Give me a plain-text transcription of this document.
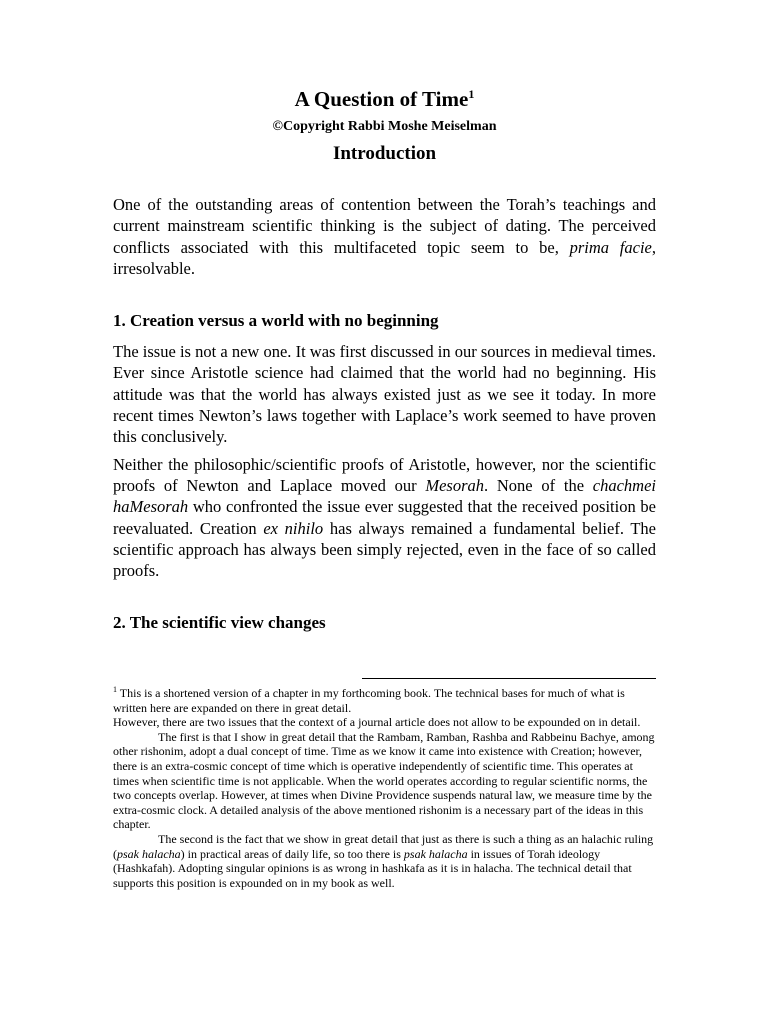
A Question of Time$^1$

©Copyright Rabbi Moshe Meiselman

Introduction

One of the outstanding areas of contention between the Torah’s teachings and current mainstream scientific thinking is the subject of dating. The perceived conflicts associated with this multifaceted topic seem to be, prima facie, irresolvable.

1. Creation versus a world with no beginning

The issue is not a new one. It was first discussed in our sources in medieval times. Ever since Aristotle science had claimed that the world had no beginning. His attitude was that the world has always existed just as we see it today. In more recent times Newton’s laws together with Laplace’s work seemed to have proven this conclusively.

Neither the philosophic/scientific proofs of Aristotle, however, nor the scientific proofs of Newton and Laplace moved our Mesorah. None of the chachmei haMesorah who confronted the issue ever suggested that the received position be reevaluated. Creation ex nihilo has always remained a fundamental belief. The scientific approach has always been simply rejected, even in the face of so called proofs.

2. The scientific view changes

$^1$ This is a shortened version of a chapter in my forthcoming book. The technical bases for much of what is written here are expanded on there in great detail.

However, there are two issues that the context of a journal article does not allow to be expounded on in detail.

The first is that I show in great detail that the Rambam, Ramban, Rashba and Rabbeinu Bachye, among other rishonim, adopt a dual concept of time. Time as we know it came into existence with Creation; however, there is an extra-cosmic concept of time which is operative independently of scientific time. This operates at times when scientific time is not applicable. When the world operates according to regular scientific norms, the two concepts overlap. However, at times when Divine Providence suspends natural law, we measure time by the extra-cosmic clock. A detailed analysis of the above mentioned rishonim is a necessary part of the ideas in this chapter.

The second is the fact that we show in great detail that just as there is such a thing as an halachic ruling (psak halacha) in practical areas of daily life, so too there is psak halacha in issues of Torah ideology (Hashkafah). Adopting singular opinions is as wrong in hashkafa as it is in halacha. The technical detail that supports this position is expounded on in my book as well.
